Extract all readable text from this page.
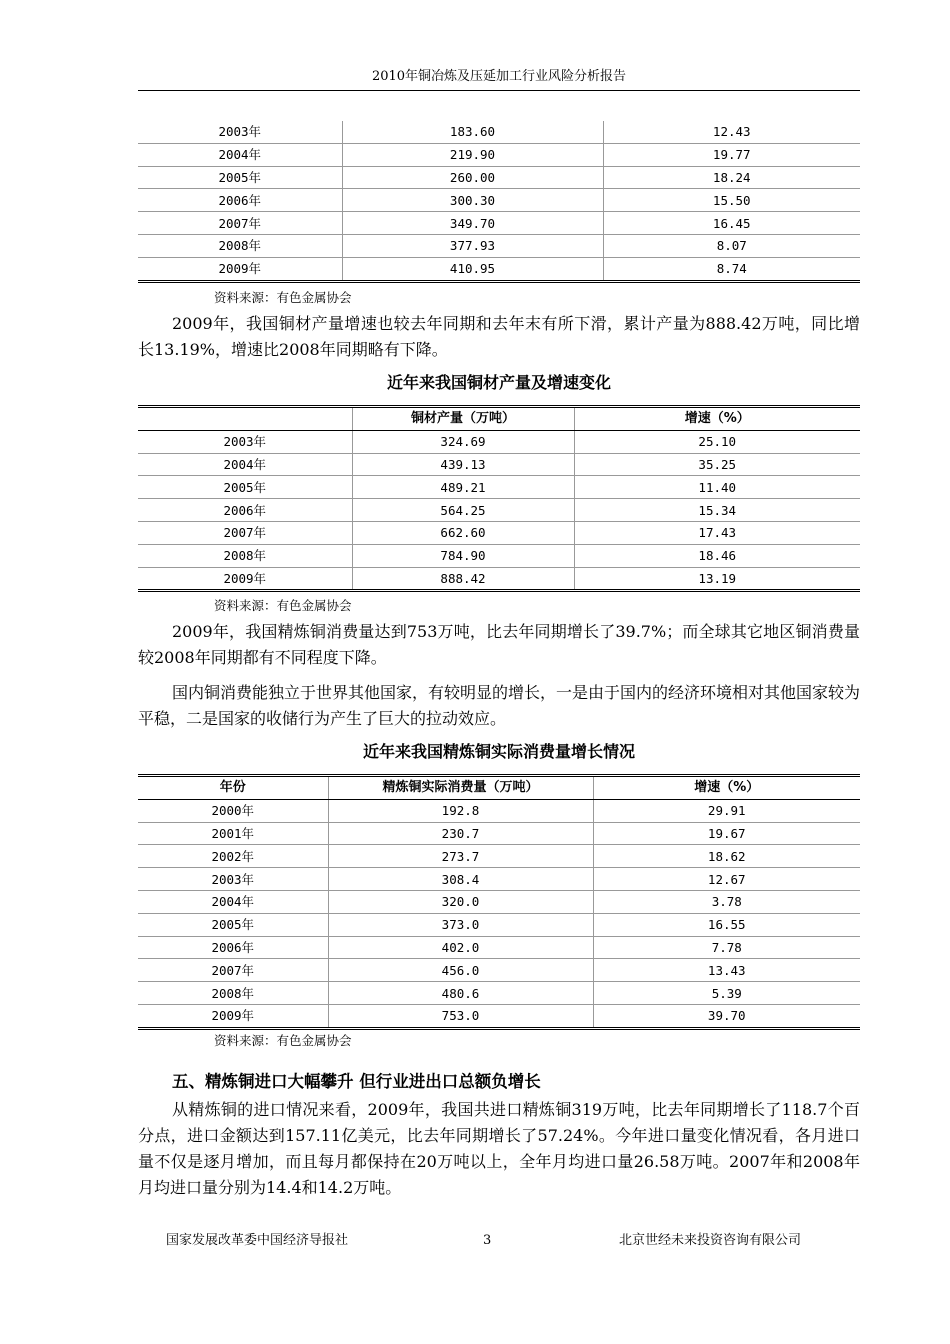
2010年铜冶炼及压延加工行业风险分析报告
2003年	183.60	12.43
2004年	219.90	19.77
2005年	260.00	18.24
2006年	300.30	15.50
2007年	349.70	16.45
2008年	377.93	8.07
2009年	410.95	8.74
资料来源：有色金属协会

2009年，我国铜材产量增速也较去年同期和去年末有所下滑，累计产量为888.42万吨，同比增长13.19%，增速比2008年同期略有下降。

近年来我国铜材产量及增速变化
	铜材产量（万吨）	增速（%）
2003年	324.69	25.10
2004年	439.13	35.25
2005年	489.21	11.40
2006年	564.25	15.34
2007年	662.60	17.43
2008年	784.90	18.46
2009年	888.42	13.19
资料来源：有色金属协会

2009年，我国精炼铜消费量达到753万吨，比去年同期增长了39.7%；而全球其它地区铜消费量较2008年同期都有不同程度下降。

国内铜消费能独立于世界其他国家，有较明显的增长，一是由于国内的经济环境相对其他国家较为平稳，二是国家的收储行为产生了巨大的拉动效应。

近年来我国精炼铜实际消费量增长情况
年份	精炼铜实际消费量（万吨）	增速（%）
2000年	192.8	29.91
2001年	230.7	19.67
2002年	273.7	18.62
2003年	308.4	12.67
2004年	320.0	3.78
2005年	373.0	16.55
2006年	402.0	7.78
2007年	456.0	13.43
2008年	480.6	5.39
2009年	753.0	39.70
资料来源：有色金属协会
五、精炼铜进口大幅攀升 但行业进出口总额负增长

从精炼铜的进口情况来看，2009年，我国共进口精炼铜319万吨，比去年同期增长了118.7个百分点，进口金额达到157.11亿美元，比去年同期增长了57.24%。今年进口量变化情况看，各月进口量不仅是逐月增加，而且每月都保持在20万吨以上，全年月均进口量26.58万吨。2007年和2008年月均进口量分别为14.4和14.2万吨。

国家发展改革委中国经济导报社	3	北京世经未来投资咨询有限公司
